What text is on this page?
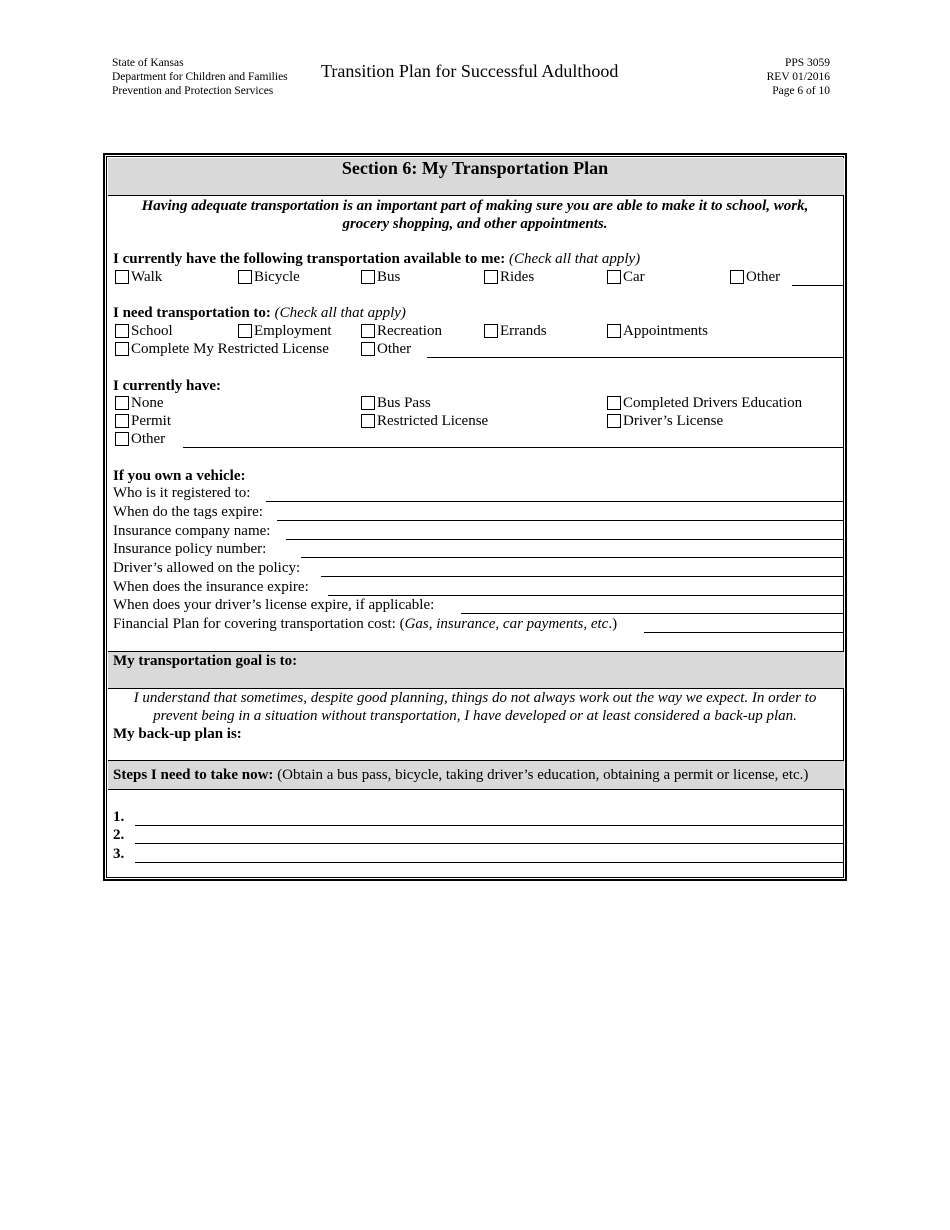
State of Kansas
Department for Children and Families
Prevention and Protection Services
Transition Plan for Successful Adulthood	PPS 3059
REV 01/2016
Page 6 of 10
Section 6: My Transportation Plan
Having adequate transportation is an important part of making sure you are able to make it to school, work,
grocery shopping, and other appointments.
I currently have the following transportation available to me: (Check all that apply)
Walk	Bicycle	Bus	Rides	Car	Other
I need transportation to: (Check all that apply)
School	Employment	Recreation	Errands	Appointments
Complete My Restricted License	Other
I currently have:
None	Bus Pass	Completed Drivers Education
Permit	Restricted License	Driver’s License
Other
If you own a vehicle:
Who is it registered to:
When do the tags expire:
Insurance company name:
Insurance policy number:
Driver’s allowed on the policy:
When does the insurance expire:
When does your driver’s license expire, if applicable:
Financial Plan for covering transportation cost: (Gas, insurance, car payments, etc.)
My transportation goal is to:
I understand that sometimes, despite good planning, things do not always work out the way we expect. In order to
prevent being in a situation without transportation, I have developed or at least considered a back-up plan.
My back-up plan is:
Steps I need to take now: (Obtain a bus pass, bicycle, taking driver’s education, obtaining a permit or license, etc.)
1.
2.
3.
